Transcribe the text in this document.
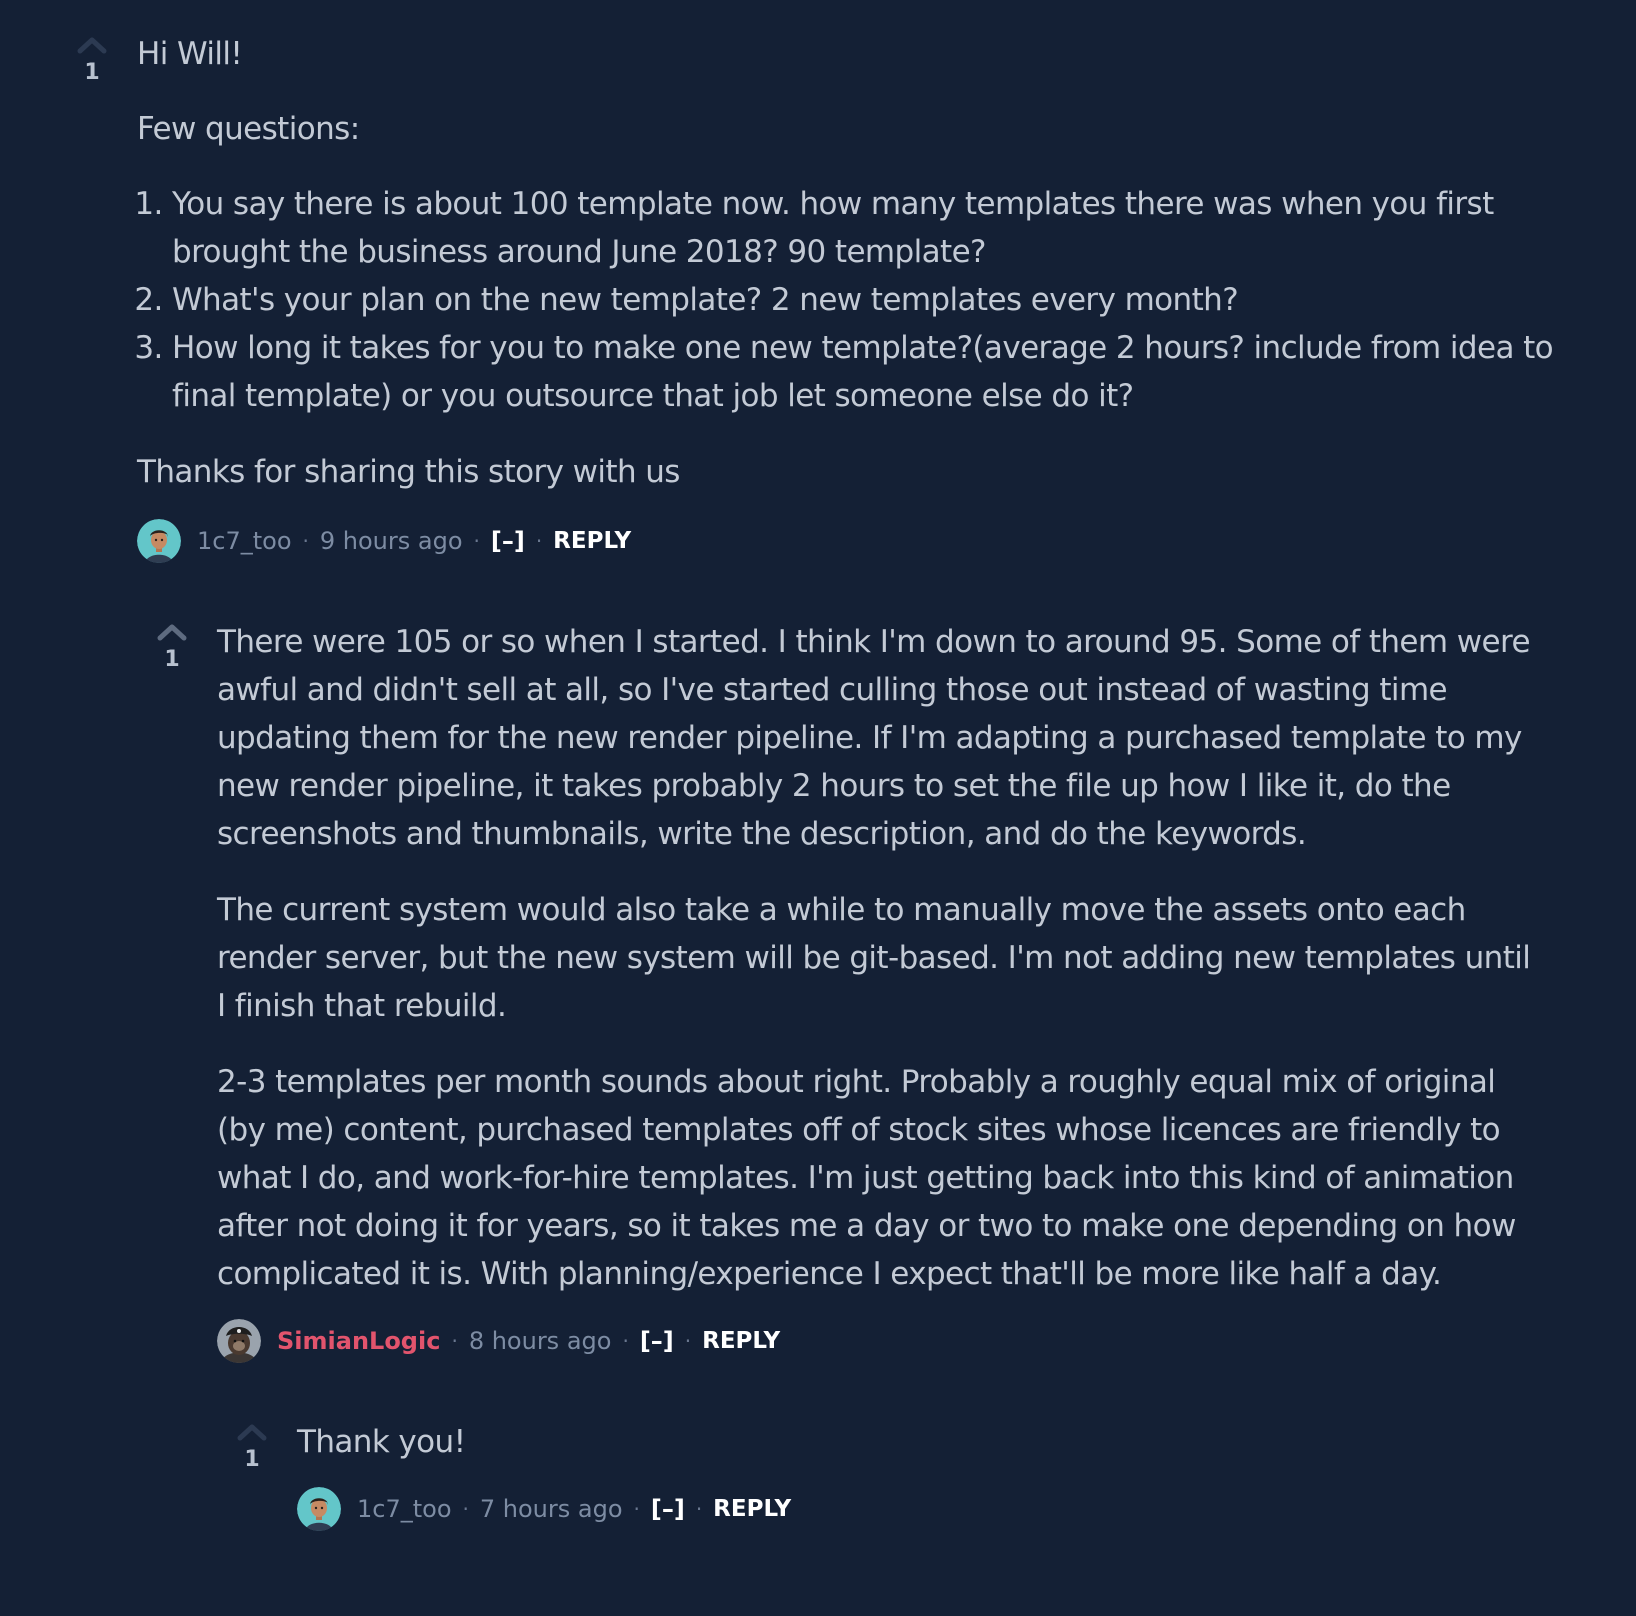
1

Hi Will!

Few questions:

1. You say there is about 100 template now. how many templates there was when you first brought the business around June 2018? 90 template?
2. What's your plan on the new template? 2 new templates every month?
3. How long it takes for you to make one new template?(average 2 hours? include from idea to final template) or you outsource that job let someone else do it?

Thanks for sharing this story with us

1c7_too · 9 hours ago · [–] · REPLY
1	There were 105 or so when I started. I think I'm down to around 95. Some of them were awful and didn't sell at all, so I've started culling those out instead of wasting time updating them for the new render pipeline. If I'm adapting a purchased template to my new render pipeline, it takes probably 2 hours to set the file up how I like it, do the screenshots and thumbnails, write the description, and do the keywords.

The current system would also take a while to manually move the assets onto each render server, but the new system will be git-based. I'm not adding new templates until I finish that rebuild.

2-3 templates per month sounds about right. Probably a roughly equal mix of original (by me) content, purchased templates off of stock sites whose licences are friendly to what I do, and work-for-hire templates. I'm just getting back into this kind of animation after not doing it for years, so it takes me a day or two to make one depending on how complicated it is. With planning/experience I expect that'll be more like half a day.

SimianLogic · 8 hours ago · [–] · REPLY
1	Thank you!

1c7_too · 7 hours ago · [–] · REPLY
